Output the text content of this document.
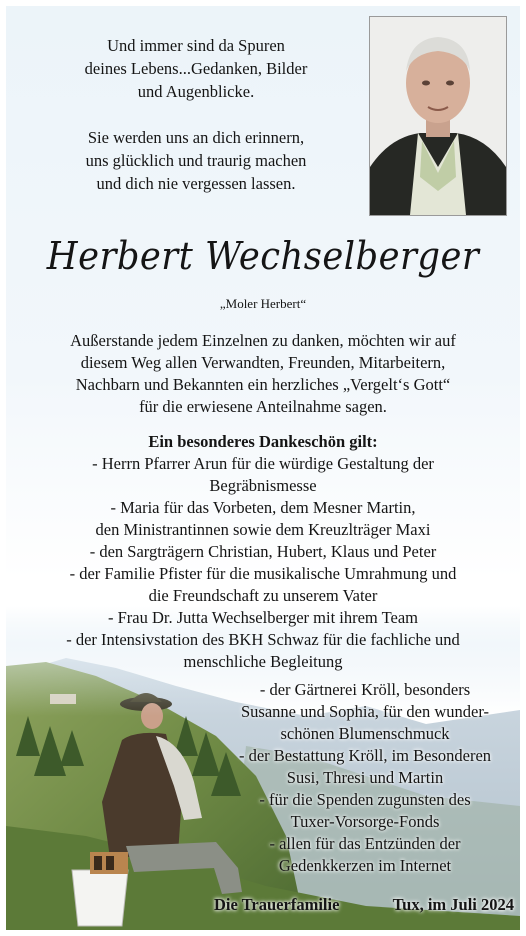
Und immer sind da Spuren

deines Lebens...Gedanken, Bilder

und Augenblicke.

Sie werden uns an dich erinnern,

uns glücklich und traurig machen

und dich nie vergessen lassen.

Herbert Wechselberger
„Moler Herbert“

Außerstande jedem Einzelnen zu danken, möchten wir auf

diesem Weg allen Verwandten, Freunden, Mitarbeitern,

Nachbarn und Bekannten ein herzliches „Vergelt‘s Gott“

für die erwiesene Anteilnahme sagen.

Ein besonderes Dankeschön gilt:

- Herrn Pfarrer Arun für die würdige Gestaltung der

Begräbnismesse

- Maria für das Vorbeten, dem Mesner Martin,

den Ministrantinnen sowie dem Kreuzlträger Maxi

- den Sargträgern Christian, Hubert, Klaus und Peter

- der Familie Pfister für die musikalische Umrahmung und

die Freundschaft zu unserem Vater

- Frau Dr. Jutta Wechselberger mit ihrem Team

- der Intensivstation des BKH Schwaz für die fachliche und

menschliche Begleitung

- der Gärtnerei Kröll, besonders

Susanne und Sophia, für den wunder-

schönen Blumenschmuck

- der Bestattung Kröll, im Besonderen

Susi, Thresi und Martin

- für die Spenden zugunsten des

Tuxer-Vorsorge-Fonds

- allen für das Entzünden der

Gedenkkerzen im Internet

Die Trauerfamilie	Tux, im Juli 2024
